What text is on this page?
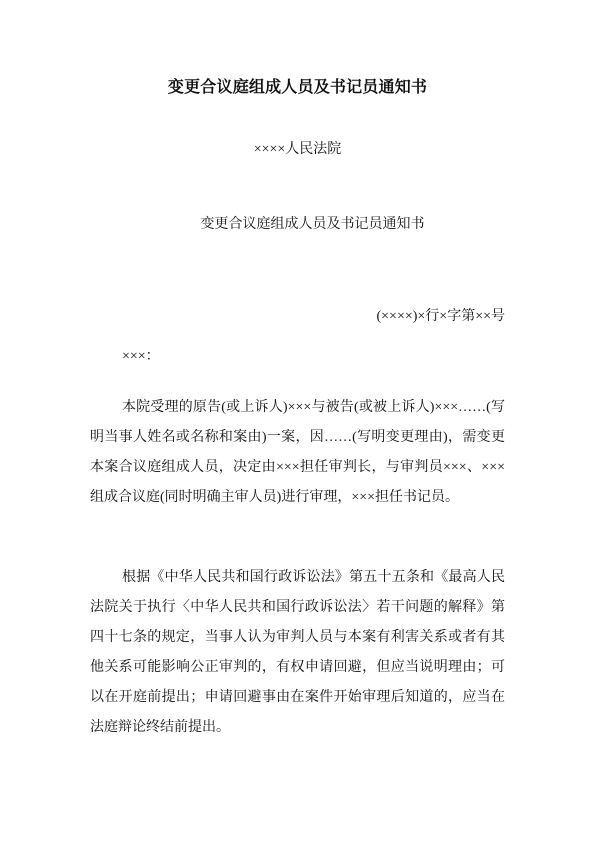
变更合议庭组成人员及书记员通知书
××××人民法院
变更合议庭组成人员及书记员通知书
(××××)×行×字第××号
×××：
本院受理的原告(或上诉人)×××与被告(或被上诉人)×××……(写明当事人姓名或名称和案由)一案，因……(写明变更理由)，需变更本案合议庭组成人员，决定由×××担任审判长，与审判员×××、×××组成合议庭(同时明确主审人员)进行审理，×××担任书记员。
根据《中华人民共和国行政诉讼法》第五十五条和《最高人民法院关于执行〈中华人民共和国行政诉讼法〉若干问题的解释》第四十七条的规定，当事人认为审判人员与本案有利害关系或者有其他关系可能影响公正审判的，有权申请回避，但应当说明理由；可以在开庭前提出；申请回避事由在案件开始审理后知道的，应当在法庭辩论终结前提出。
